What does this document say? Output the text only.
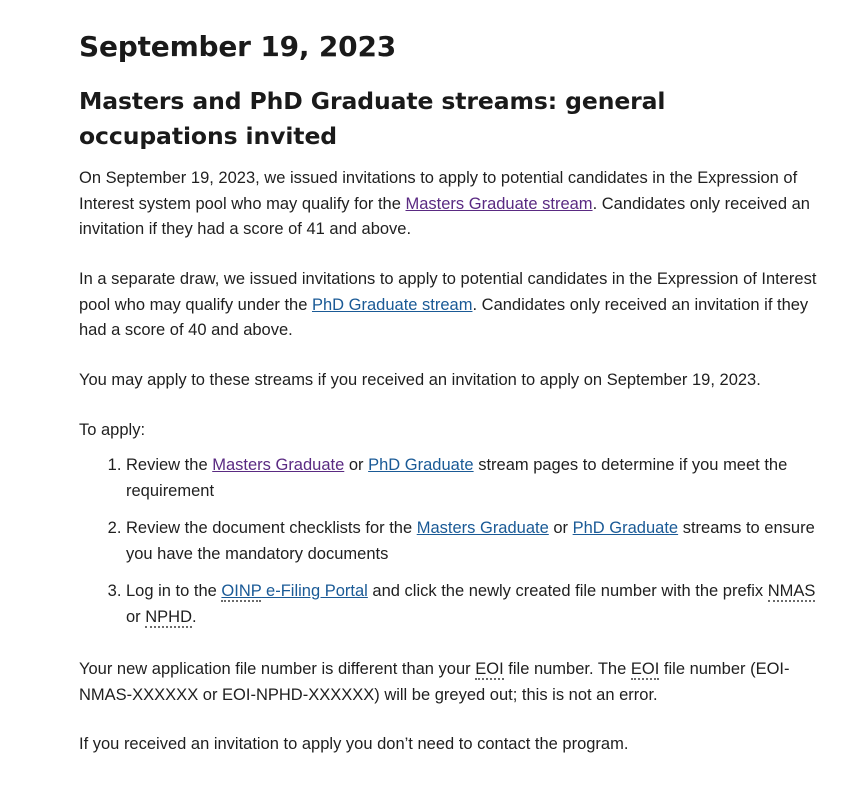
September 19, 2023
Masters and PhD Graduate streams: general occupations invited

On September 19, 2023, we issued invitations to apply to potential candidates in the Expression of Interest system pool who may qualify for the Masters Graduate stream. Candidates only received an invitation if they had a score of 41 and above.

In a separate draw, we issued invitations to apply to potential candidates in the Expression of Interest pool who may qualify under the PhD Graduate stream. Candidates only received an invitation if they had a score of 40 and above.

You may apply to these streams if you received an invitation to apply on September 19, 2023.

To apply:

1. Review the Masters Graduate or PhD Graduate stream pages to determine if you meet the requirement
2. Review the document checklists for the Masters Graduate or PhD Graduate streams to ensure you have the mandatory documents
3. Log in to the OINP e-Filing Portal and click the newly created file number with the prefix NMAS or NPHD.

Your new application file number is different than your EOI file number. The EOI file number (EOI-NMAS-XXXXXX or EOI-NPHD-XXXXXX) will be greyed out; this is not an error.

If you received an invitation to apply you don’t need to contact the program.
